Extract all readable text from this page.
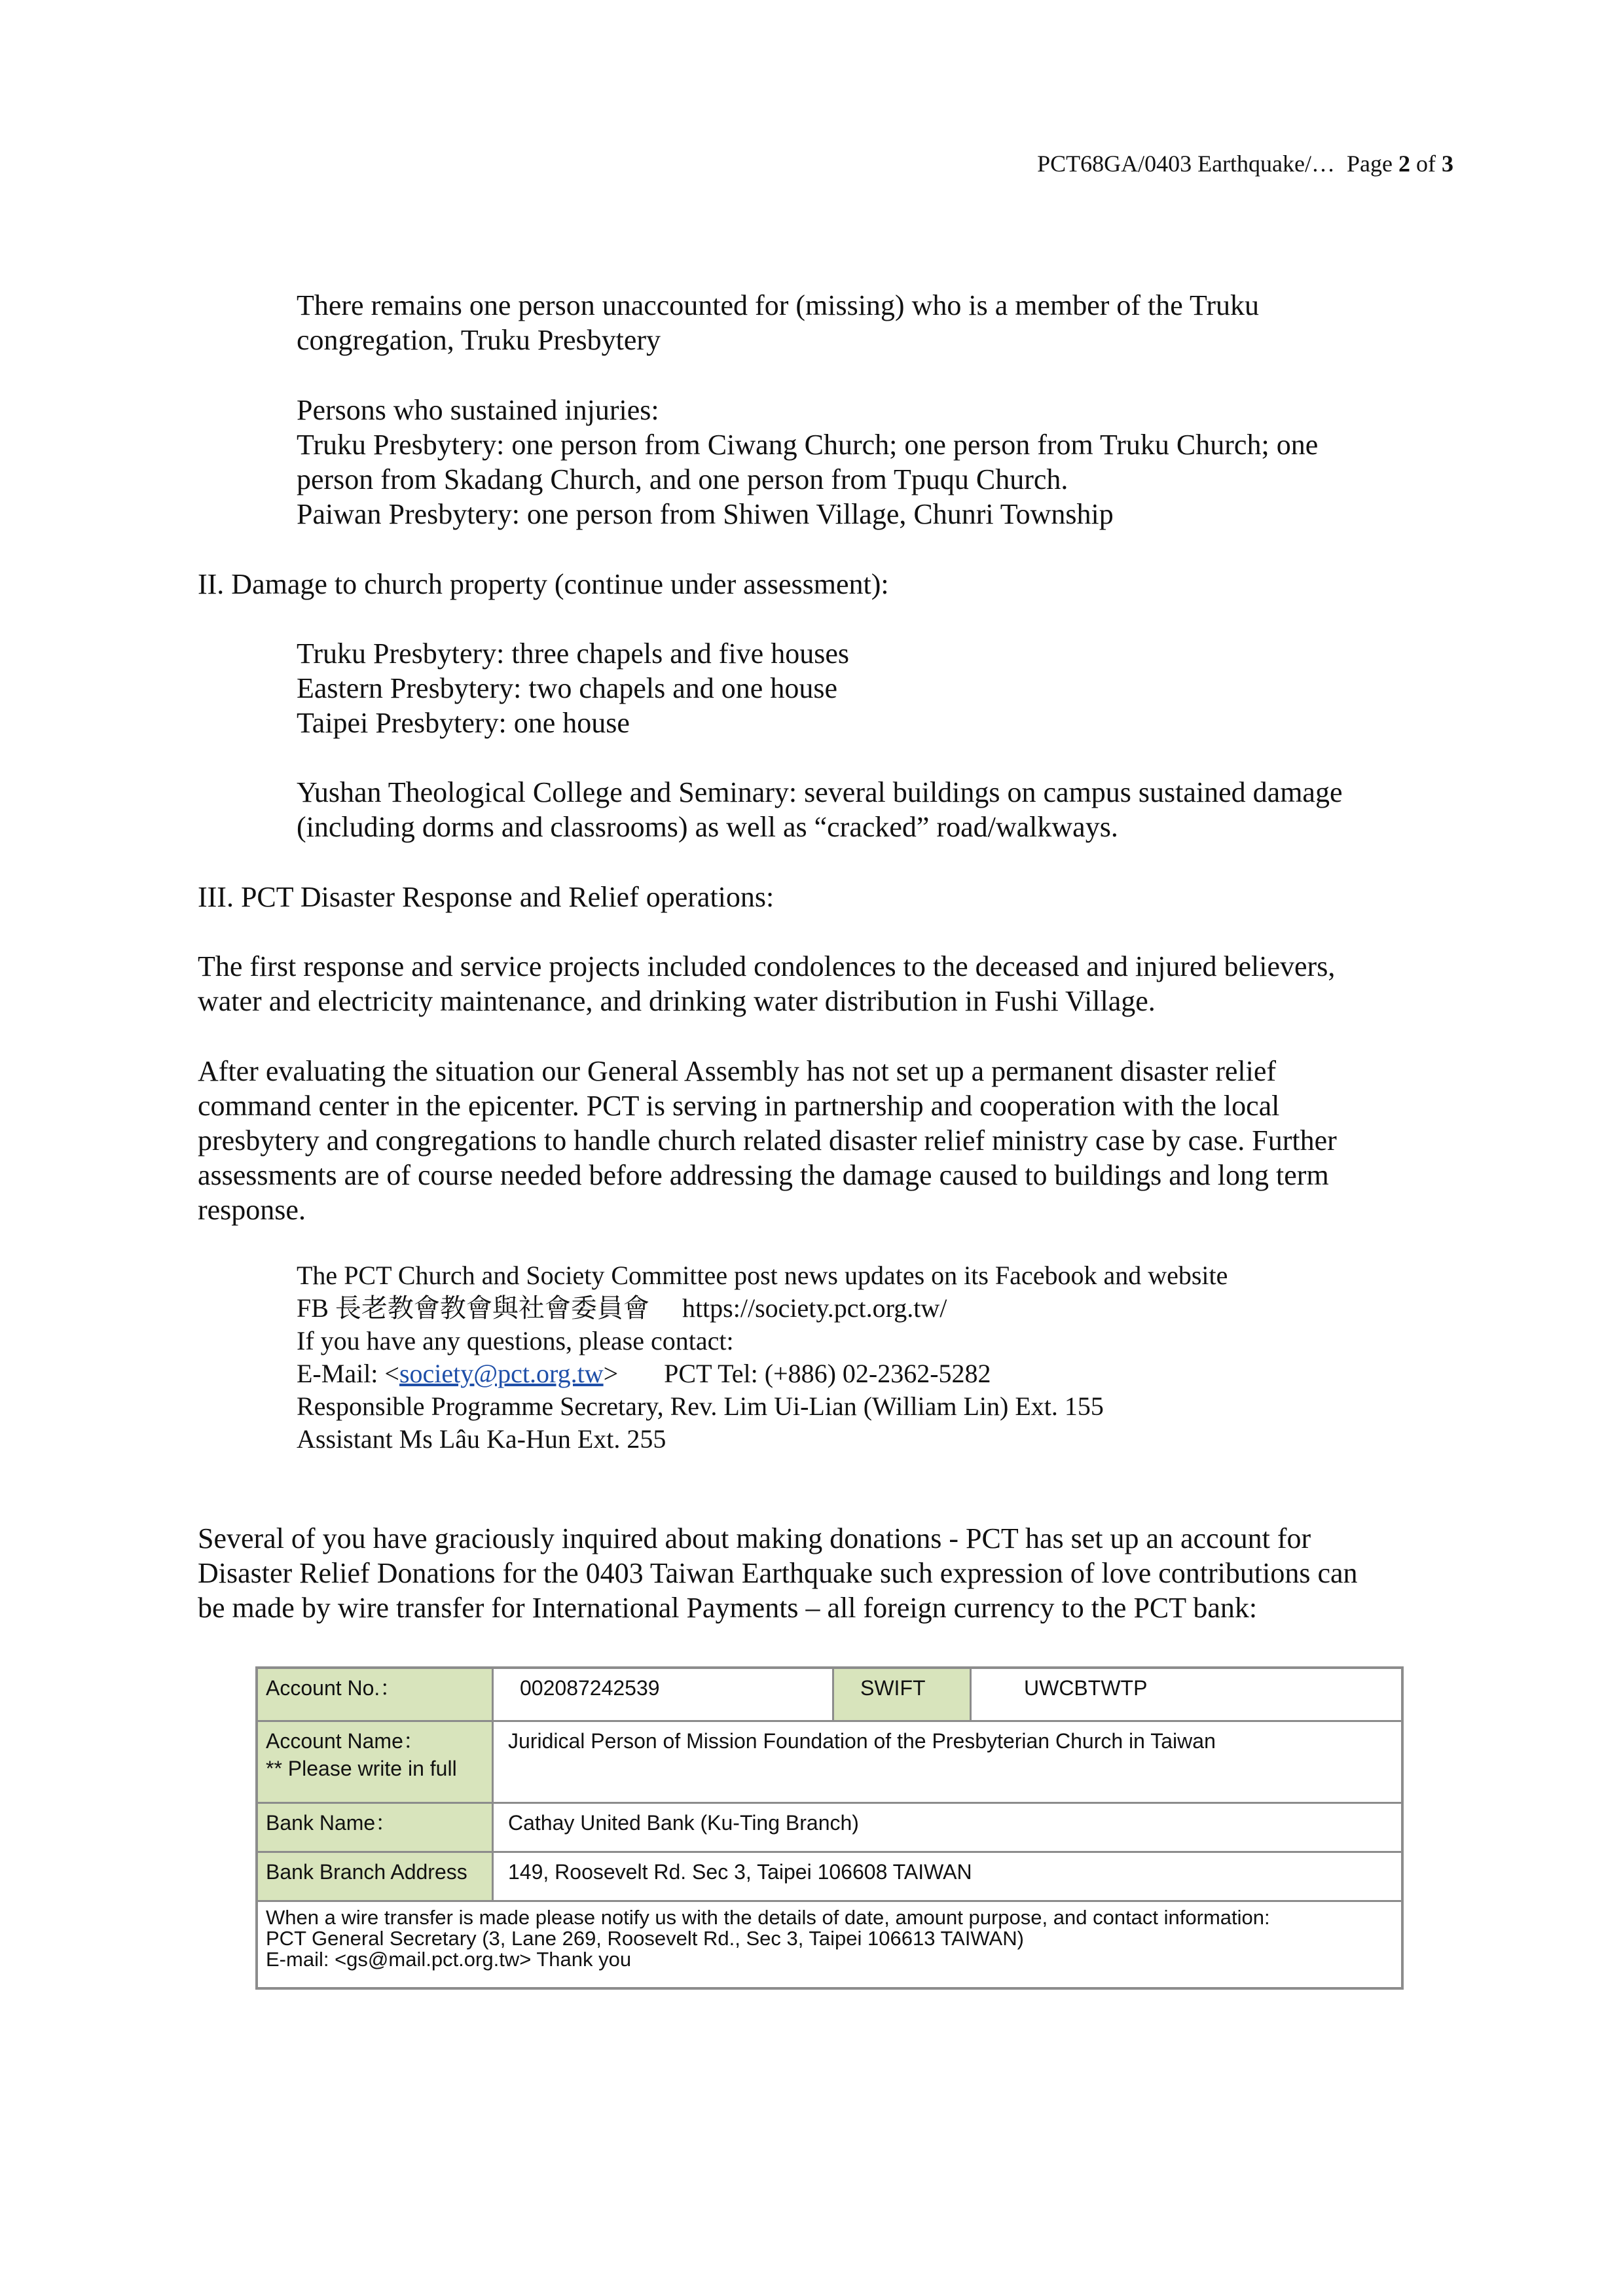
PCT68GA/0403 Earthquake/… Page 2 of 3
There remains one person unaccounted for (missing) who is a member of the Truku
congregation, Truku Presbytery
Persons who sustained injuries:
Truku Presbytery: one person from Ciwang Church; one person from Truku Church; one
person from Skadang Church, and one person from Tpuqu Church.
Paiwan Presbytery: one person from Shiwen Village, Chunri Township
II. Damage to church property (continue under assessment):
Truku Presbytery: three chapels and five houses
Eastern Presbytery: two chapels and one house
Taipei Presbytery: one house
Yushan Theological College and Seminary: several buildings on campus sustained damage
(including dorms and classrooms) as well as “cracked” road/walkways.
III. PCT Disaster Response and Relief operations:
The first response and service projects included condolences to the deceased and injured believers,
water and electricity maintenance, and drinking water distribution in Fushi Village.
After evaluating the situation our General Assembly has not set up a permanent disaster relief
command center in the epicenter. PCT is serving in partnership and cooperation with the local
presbytery and congregations to handle church related disaster relief ministry case by case. Further
assessments are of course needed before addressing the damage caused to buildings and long term
response.
The PCT Church and Society Committee post news updates on its Facebook and website
FB 長老教會教會與社會委員會 https://society.pct.org.tw/
If you have any questions, please contact:
E-Mail: <society@pct.org.tw> PCT Tel: (+886) 02-2362-5282
Responsible Programme Secretary, Rev. Lim Ui-Lian (William Lin) Ext. 155
Assistant Ms Lâu Ka-Hun Ext. 255
Several of you have graciously inquired about making donations - PCT has set up an account for
Disaster Relief Donations for the 0403 Taiwan Earthquake such expression of love contributions can
be made by wire transfer for International Payments – all foreign currency to the PCT bank:
Account No.：	002087242539	SWIFT	UWCBTWTP
Account Name：
** Please write in full
Juridical Person of Mission Foundation of the Presbyterian Church in Taiwan
Bank Name：	Cathay United Bank (Ku-Ting Branch)
Bank Branch Address	149, Roosevelt Rd. Sec 3, Taipei 106608 TAIWAN
When a wire transfer is made please notify us with the details of date, amount purpose, and contact information:
PCT General Secretary (3, Lane 269, Roosevelt Rd., Sec 3, Taipei 106613 TAIWAN)
E-mail: <gs@mail.pct.org.tw> Thank you
